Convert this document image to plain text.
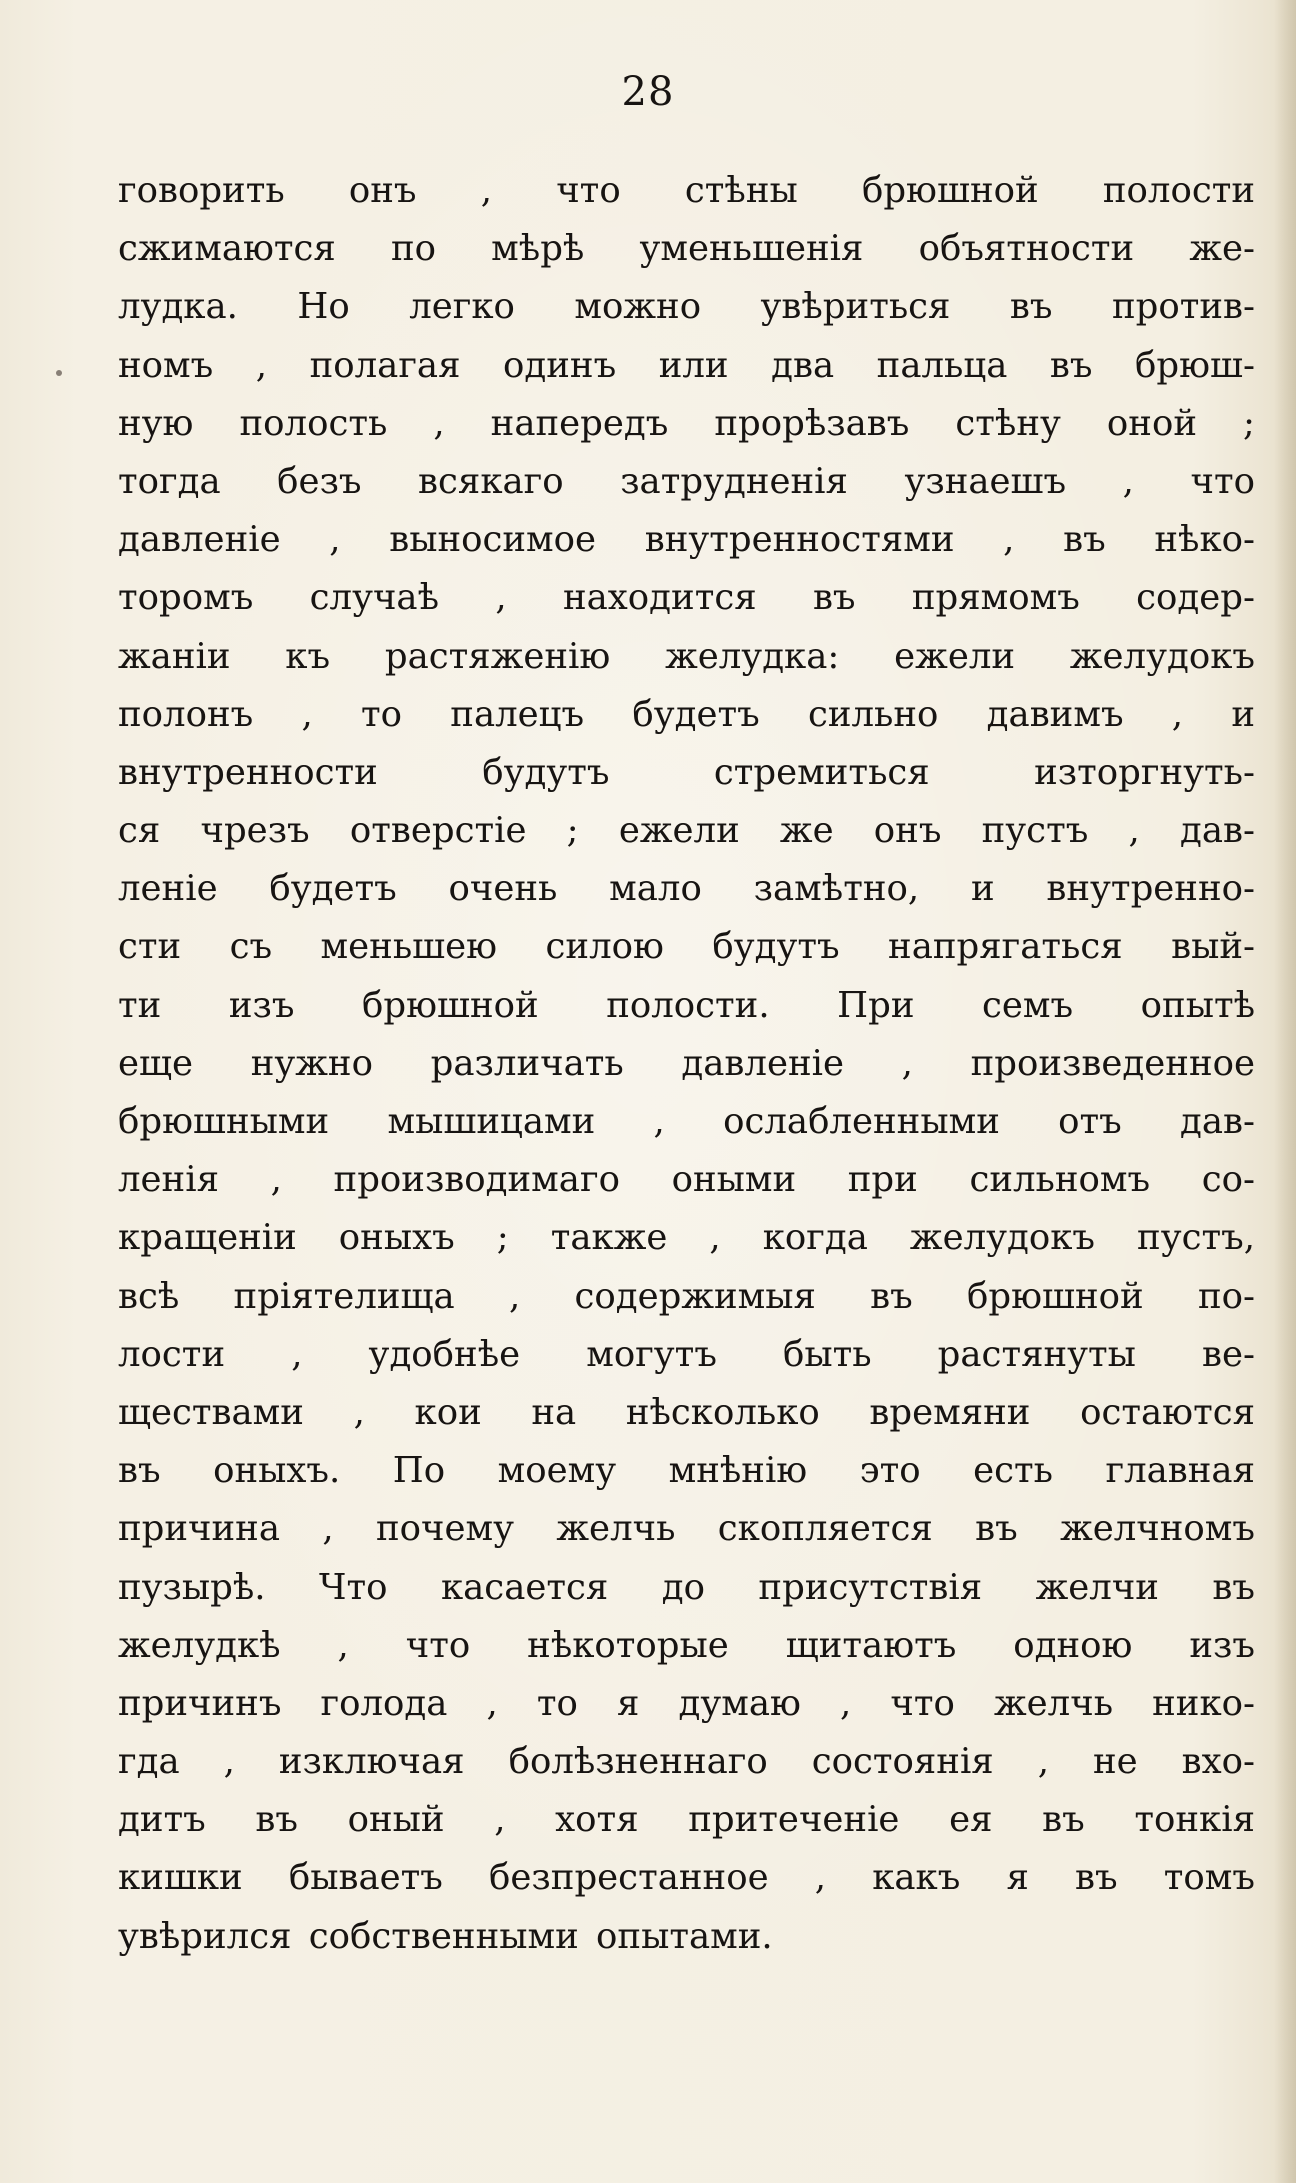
28
говорить онъ , что стѣны брюшной полости
сжимаются по мѣрѣ уменьшенія объятности же-
лудка. Но легко можно увѣриться въ против-
номъ , полагая одинъ или два пальца въ брюш-
ную полость , напередъ прорѣзавъ стѣну оной ;
тогда безъ всякаго затрудненія узнаешъ , что
давленіе , выносимое внутренностями , въ нѣко-
торомъ случаѣ , находится въ прямомъ содер-
жаніи къ растяженію желудка: ежели желудокъ
полонъ , то палецъ будетъ сильно давимъ , и
внутренности будутъ стремиться изторгнуть-
ся чрезъ отверстіе ; ежели же онъ пустъ , дав-
леніе будетъ очень мало замѣтно, и внутренно-
сти съ меньшею силою будутъ напрягаться вый-
ти изъ брюшной полости. При семъ опытѣ
еще нужно различать давленіе , произведенное
брюшными мышицами , ослабленными отъ дав-
ленія , производимаго оными при сильномъ со-
кращеніи оныхъ ; также , когда желудокъ пустъ,
всѣ пріятелища , содержимыя въ брюшной по-
лости , удобнѣе могутъ быть растянуты ве-
ществами , кои на нѣсколько времяни остаются
въ оныхъ. По моему мнѣнію это есть главная
причина , почему желчь скопляется въ желчномъ
пузырѣ. Что касается до присутствія желчи въ
желудкѣ , что нѣкоторые щитаютъ одною изъ
причинъ голода , то я думаю , что желчь нико-
гда , изключая болѣзненнаго состоянія , не вхо-
дитъ въ оный , хотя притеченіе ея въ тонкія
кишки бываетъ безпрестанное , какъ я въ томъ
увѣрился собственными опытами.
